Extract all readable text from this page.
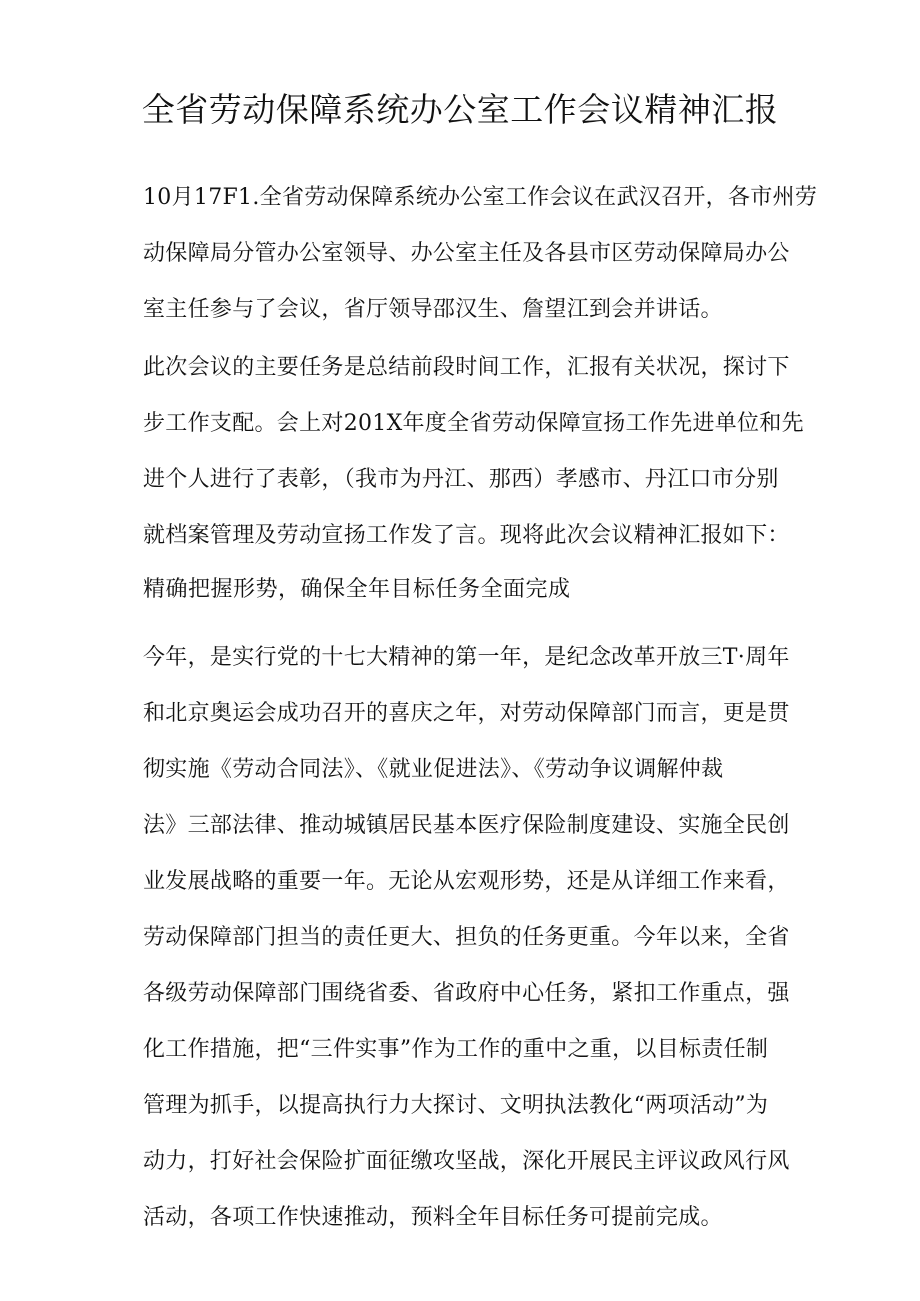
全省劳动保障系统办公室工作会议精神汇报
10月17F1.全省劳动保障系统办公室工作会议在武汉召开，各市州劳
动保障局分管办公室领导、办公室主任及各县市区劳动保障局办公
室主任参与了会议，省厅领导邵汉生、詹望江到会并讲话。
此次会议的主要任务是总结前段时间工作，汇报有关状况，探讨下
步工作支配。会上对201X年度全省劳动保障宣扬工作先进单位和先
进个人进行了表彰，（我市为丹江、那西）孝感市、丹江口市分别
就档案管理及劳动宣扬工作发了言。现将此次会议精神汇报如下：
精确把握形势，确保全年目标任务全面完成
今年，是实行党的十七大精神的第一年，是纪念改革开放三T·周年
和北京奥运会成功召开的喜庆之年，对劳动保障部门而言，更是贯
彻实施《劳动合同法》、《就业促进法》、《劳动争议调解仲裁
法》三部法律、推动城镇居民基本医疗保险制度建设、实施全民创
业发展战略的重要一年。无论从宏观形势，还是从详细工作来看，
劳动保障部门担当的责任更大、担负的任务更重。今年以来，全省
各级劳动保障部门围绕省委、省政府中心任务，紧扣工作重点，强
化工作措施，把“三件实事”作为工作的重中之重，以目标责任制
管理为抓手，以提高执行力大探讨、文明执法教化“两项活动”为
动力，打好社会保险扩面征缴攻坚战，深化开展民主评议政风行风
活动，各项工作快速推动，预料全年目标任务可提前完成。
